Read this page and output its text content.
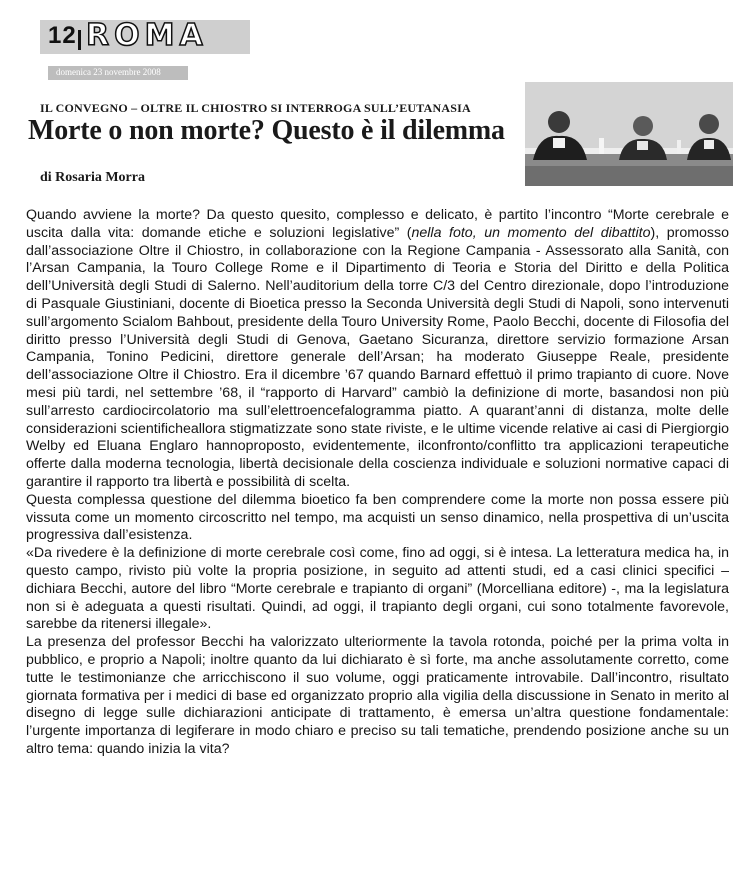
12 ROMA
domenica 23 novembre 2008
IL CONVEGNO – OLTRE IL CHIOSTRO SI INTERROGA SULL’EUTANASIA
Morte o non morte? Questo è il dilemma
di Rosaria Morra

Quando avviene la morte? Da questo quesito, complesso e delicato, è partito l’incontro “Morte cerebrale e uscita dalla vita: domande etiche e soluzioni legislative” (nella foto, un momento del dibattito), promosso dall’associazione Oltre il Chiostro, in collaborazione con la Regione Campania - Assessorato alla Sanità, con l’Arsan Campania, la Touro College Rome e il Dipartimento di Teoria e Storia del Diritto e della Politica dell’Università degli Studi di Salerno. Nell’auditorium della torre C/3 del Centro direzionale, dopo l’introduzione di Pasquale Giustiniani, docente di Bioetica presso la Seconda Università degli Studi di Napoli, sono intervenuti sull’argomento Scialom Bahbout, presidente della Touro University Rome, Paolo Becchi, docente di Filosofia del diritto presso l’Università degli Studi di Genova, Gaetano Sicuranza, direttore servizio formazione Arsan Campania, Tonino Pedicini, direttore generale dell’Arsan; ha moderato Giuseppe Reale, presidente dell’associazione Oltre il Chiostro. Era il dicembre ’67 quando Barnard effettuò il primo trapianto di cuore. Nove mesi più tardi, nel settembre ’68, il “rapporto di Harvard” cambiò la definizione di morte, basandosi non più sull’arresto cardiocircolatorio ma sull’elettroencefalogramma piatto. A quarant’anni di distanza, molte delle considerazioni scientificheallora stigmatizzate sono state riviste, e le ultime vicende relative ai casi di Piergiorgio Welby ed Eluana Englaro hannoproposto, evidentemente, ilconfronto/conflitto tra applicazioni terapeutiche offerte dalla moderna tecnologia, libertà decisionale della coscienza individuale e soluzioni normative capaci di garantire il rapporto tra libertà e possibilità di scelta.

Questa complessa questione del dilemma bioetico fa ben comprendere come la morte non possa essere più vissuta come un momento circoscritto nel tempo, ma acquisti un senso dinamico, nella prospettiva di un’uscita progressiva dall’esistenza.

«Da rivedere è la definizione di morte cerebrale così come, fino ad oggi, si è intesa. La letteratura medica ha, in questo campo, rivisto più volte la propria posizione, in seguito ad attenti studi, ed a casi clinici specifici – dichiara Becchi, autore del libro “Morte cerebrale e trapianto di organi” (Morcelliana editore) -, ma la legislatura non si è adeguata a questi risultati. Quindi, ad oggi, il trapianto degli organi, cui sono totalmente favorevole, sarebbe da ritenersi illegale».

La presenza del professor Becchi ha valorizzato ulteriormente la tavola rotonda, poiché per la prima volta in pubblico, e proprio a Napoli; inoltre quanto da lui dichiarato è sì forte, ma anche assolutamente corretto, come tutte le testimonianze che arricchiscono il suo volume, oggi praticamente introvabile. Dall’incontro, risultato giornata formativa per i medici di base ed organizzato proprio alla vigilia della discussione in Senato in merito al disegno di legge sulle dichiarazioni anticipate di trattamento, è emersa un’altra questione fondamentale: l’urgente importanza di legiferare in modo chiaro e preciso su tali tematiche, prendendo posizione anche su un altro tema: quando inizia la vita?
